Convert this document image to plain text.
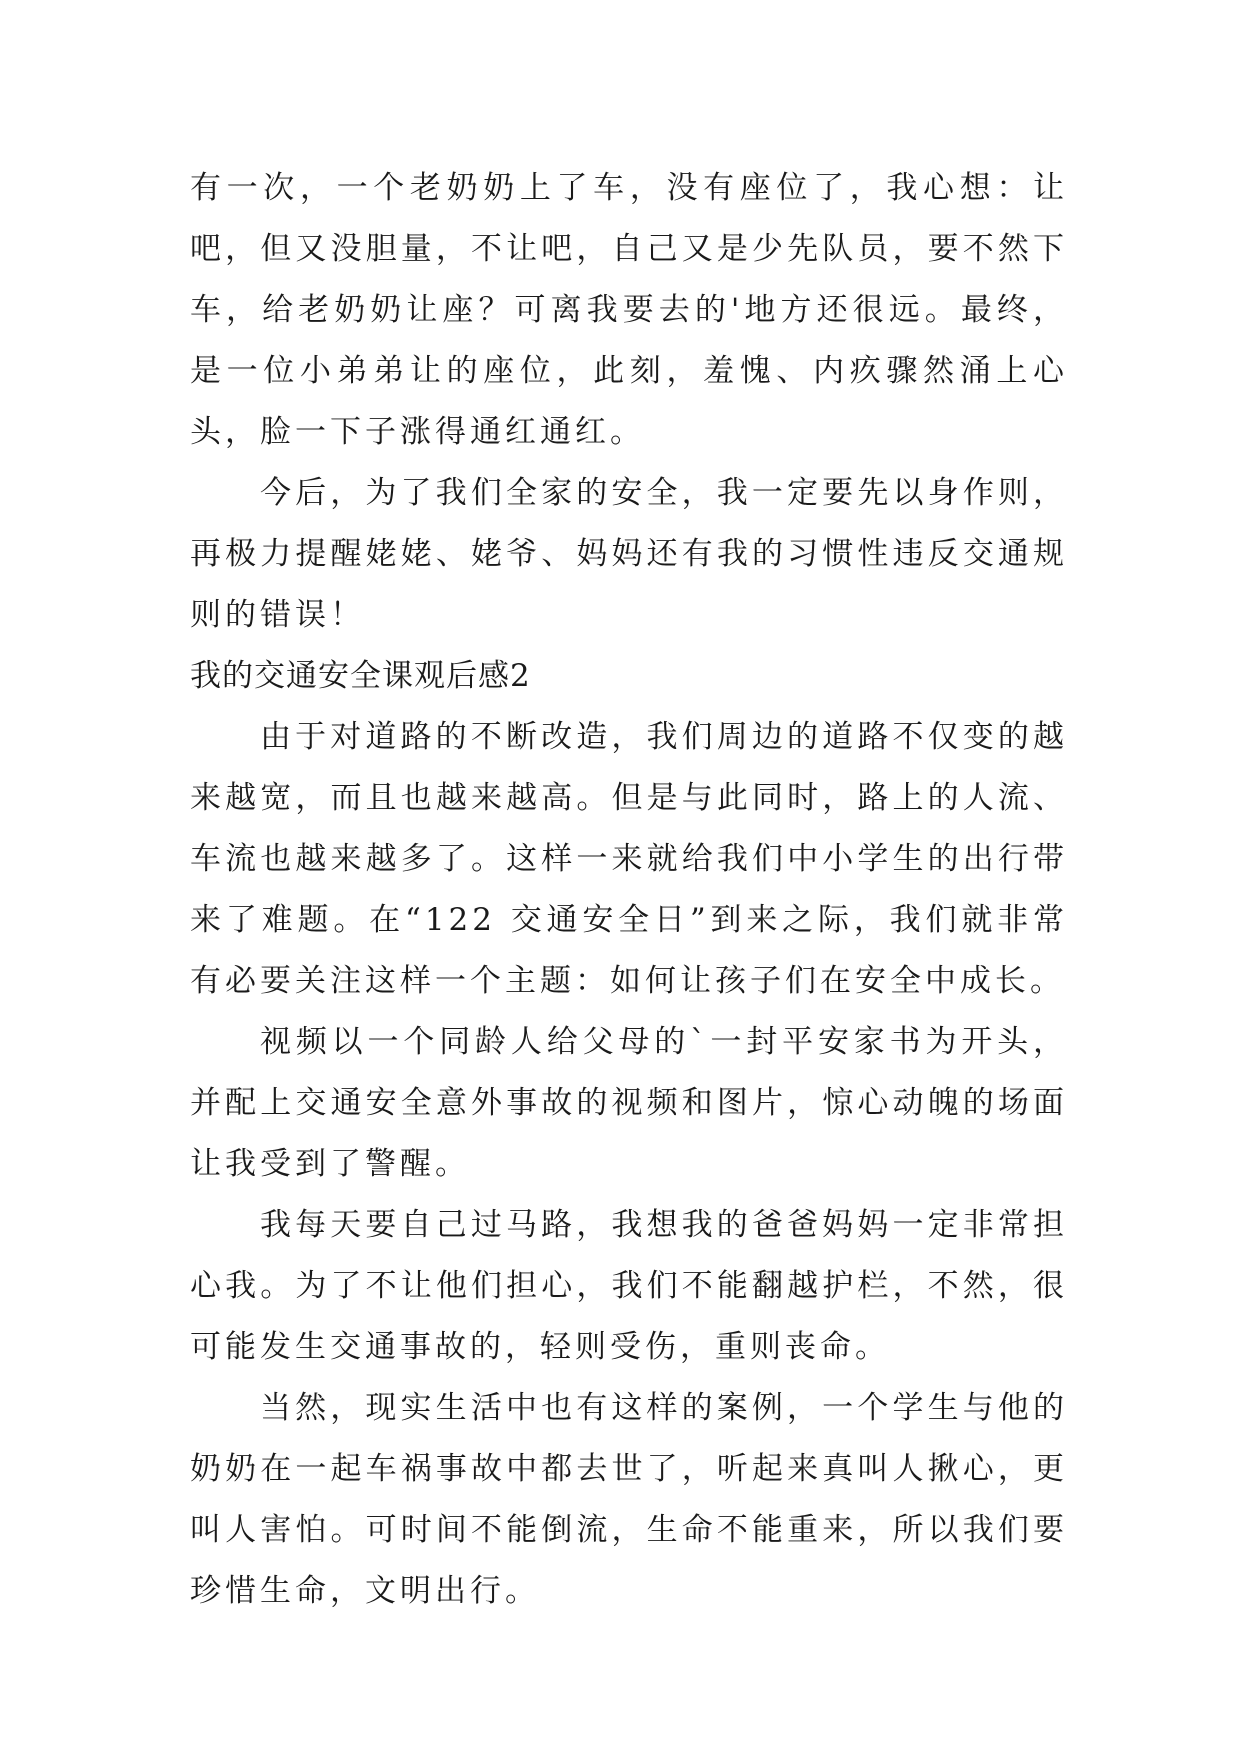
有一次，一个老奶奶上了车，没有座位了，我心想：让吧，但又没胆量，不让吧，自己又是少先队员，要不然下车，给老奶奶让座？可离我要去的'地方还很远。最终，是一位小弟弟让的座位，此刻，羞愧、内疚骤然涌上心头，脸一下子涨得通红通红。

今后，为了我们全家的安全，我一定要先以身作则，再极力提醒姥姥、姥爷、妈妈还有我的习惯性违反交通规则的错误！

我的交通安全课观后感2

由于对道路的不断改造，我们周边的道路不仅变的越来越宽，而且也越来越高。但是与此同时，路上的人流、车流也越来越多了。这样一来就给我们中小学生的出行带来了难题。在“122 交通安全日”到来之际，我们就非常有必要关注这样一个主题：如何让孩子们在安全中成长。

视频以一个同龄人给父母的`一封平安家书为开头，并配上交通安全意外事故的视频和图片，惊心动魄的场面让我受到了警醒。

我每天要自己过马路，我想我的爸爸妈妈一定非常担心我。为了不让他们担心，我们不能翻越护栏，不然，很可能发生交通事故的，轻则受伤，重则丧命。

当然，现实生活中也有这样的案例，一个学生与他的奶奶在一起车祸事故中都去世了，听起来真叫人揪心，更叫人害怕。可时间不能倒流，生命不能重来，所以我们要珍惜生命，文明出行。
